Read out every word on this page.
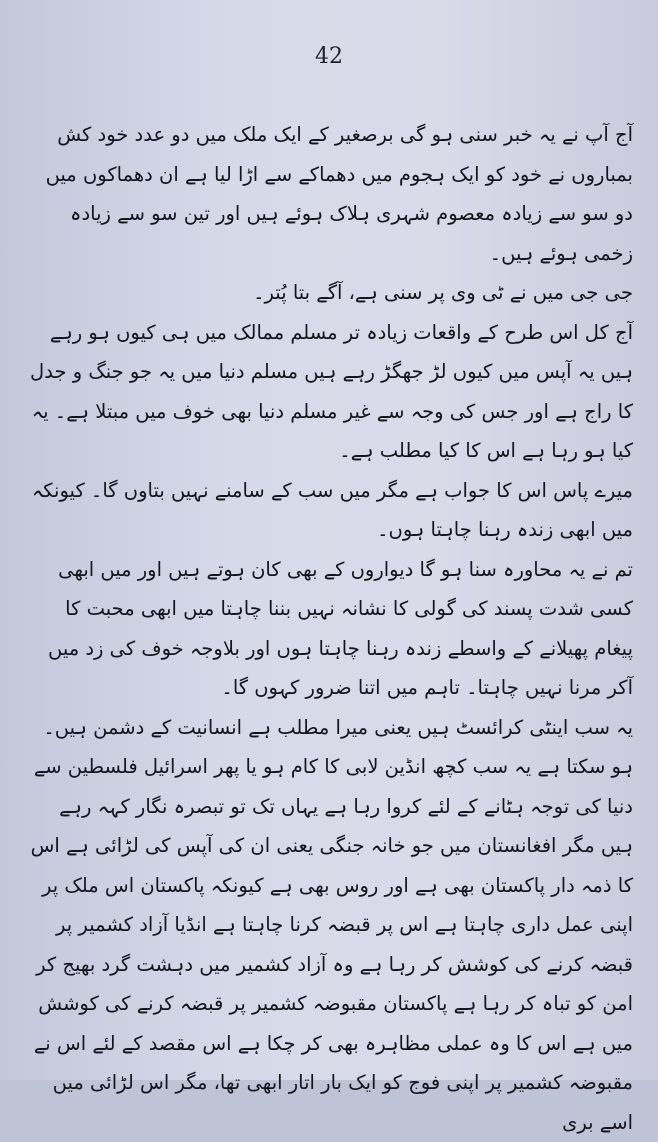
42

آج آپ نے یہ خبر سنی ہو گی برصغیر کے ایک ملک میں دو عدد خود کش بمباروں نے خود کو ایک ہجوم میں دھماکے سے اڑا لیا ہے ان دھماکوں میں دو سو سے زیادہ معصوم شہری ہلاک ہوئے ہیں اور تین سو سے زیادہ زخمی ہوئے ہیں۔

جی جی میں نے ٹی وی پر سنی ہے، آگے بتا پُتر۔

آج کل اس طرح کے واقعات زیادہ تر مسلم ممالک میں ہی کیوں ہو رہے ہیں یہ آپس میں کیوں لڑ جھگڑ رہے ہیں مسلم دنیا میں یہ جو جنگ و جدل کا راج ہے اور جس کی وجہ سے غیر مسلم دنیا بھی خوف میں مبتلا ہے۔ یہ کیا ہو رہا ہے اس کا کیا مطلب ہے۔

میرے پاس اس کا جواب ہے مگر میں سب کے سامنے نہیں بتاوں گا۔ کیونکہ میں ابھی زندہ رہنا چاہتا ہوں۔

تم نے یہ محاورہ سنا ہو گا دیواروں کے بھی کان ہوتے ہیں اور میں ابھی کسی شدت پسند کی گولی کا نشانہ نہیں بننا چاہتا میں ابھی محبت کا پیغام پھیلانے کے واسطے زندہ رہنا چاہتا ہوں اور بلاوجہ خوف کی زد میں آکر مرنا نہیں چاہتا۔ تاہم میں اتنا ضرور کہوں گا۔

یہ سب اینٹی کرائسٹ ہیں یعنی میرا مطلب ہے انسانیت کے دشمن ہیں۔

ہو سکتا ہے یہ سب کچھ انڈین لابی کا کام ہو یا پھر اسرائیل فلسطین سے دنیا کی توجہ ہٹانے کے لئے کروا رہا ہے یہاں تک تو تبصرہ نگار کہہ رہے ہیں مگر افغانستان میں جو خانہ جنگی یعنی ان کی آپس کی لڑائی ہے اس کا ذمہ دار پاکستان بھی ہے اور روس بھی ہے کیونکہ پاکستان اس ملک پر اپنی عمل داری چاہتا ہے اس پر قبضہ کرنا چاہتا ہے انڈیا آزاد کشمیر پر قبضہ کرنے کی کوشش کر رہا ہے وہ آزاد کشمیر میں دہشت گرد بھیج کر امن کو تباہ کر رہا ہے پاکستان مقبوضہ کشمیر پر قبضہ کرنے کی کوشش میں ہے اس کا وہ عملی مظاہرہ بھی کر چکا ہے اس مقصد کے لئے اس نے مقبوضہ کشمیر پر اپنی فوج کو ایک بار اتار ابھی تھا، مگر اس لڑائی میں اسے بری
